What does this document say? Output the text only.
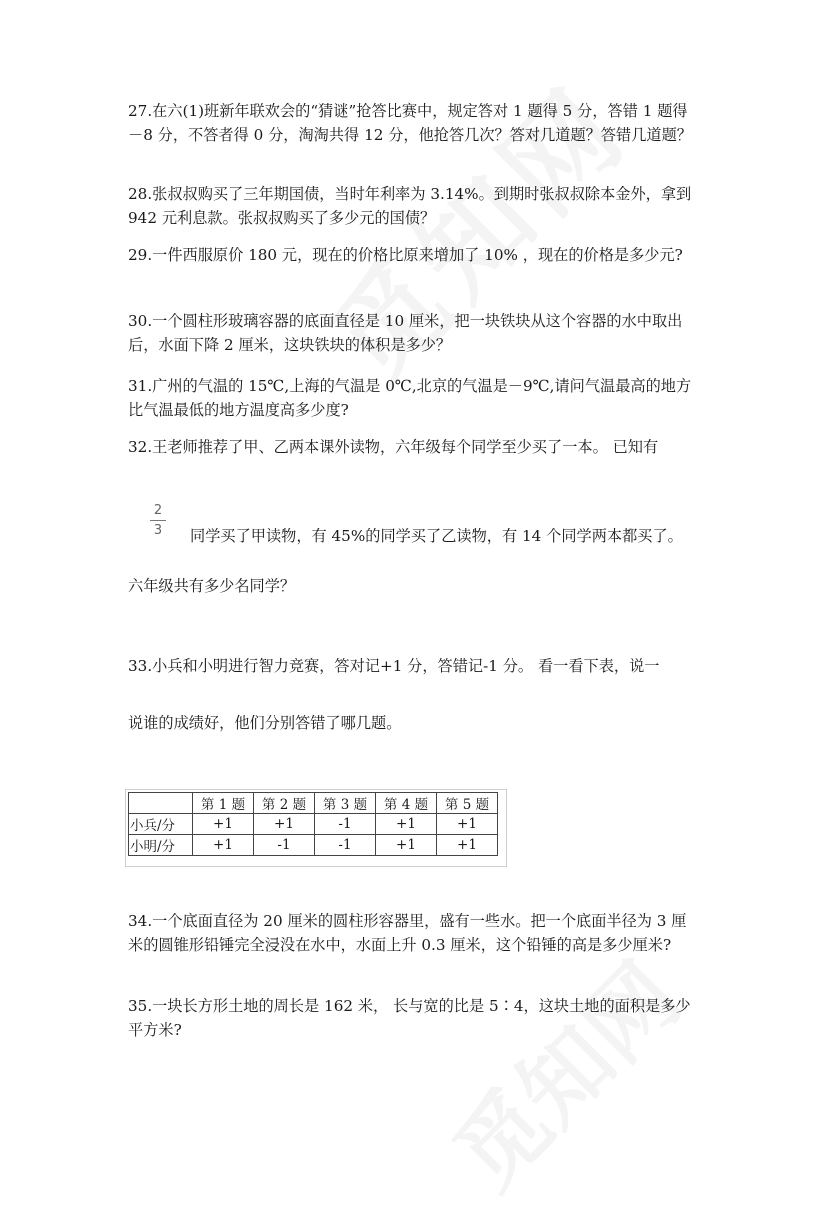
27.在六(1)班新年联欢会的“猜谜”抢答比赛中，规定答对 1 题得 5 分，答错 1 题得－8 分，不答者得 0 分，淘淘共得 12 分，他抢答几次？答对几道题？答错几道题？

28.张叔叔购买了三年期国债，当时年利率为 3.14%。到期时张叔叔除本金外，拿到 942 元利息款。张叔叔购买了多少元的国债？

29.一件西服原价 180 元，现在的价格比原来增加了 10% ，现在的价格是多少元?

30.一个圆柱形玻璃容器的底面直径是 10 厘米，把一块铁块从这个容器的水中取出后，水面下降 2 厘米，这块铁块的体积是多少？

31.广州的气温的 15℃,上海的气温是 0℃,北京的气温是－9℃,请问气温最高的地方比气温最低的地方温度高多少度?

32.王老师推荐了甲、乙两本课外读物，六年级每个同学至少买了一本。 已知有

2
3 同学买了甲读物，有 45%的同学买了乙读物，有 14 个同学两本都买了。

六年级共有多少名同学？

33.小兵和小明进行智力竞赛，答对记+1 分，答错记-1 分。 看一看下表，说一

说谁的成绩好，他们分别答错了哪几题。

	第 1 题	第 2 题	第 3 题	第 4 题	第 5 题
小兵/分	+1	+1	-1	+1	+1
小明/分	+1	-1	-1	+1	+1

34.一个底面直径为 20 厘米的圆柱形容器里，盛有一些水。把一个底面半径为 3 厘米的圆锥形铅锤完全浸没在水中，水面上升 0.3 厘米，这个铅锤的高是多少厘米?

35.一块长方形土地的周长是 162 米， 长与宽的比是 5∶4，这块土地的面积是多少平方米?
